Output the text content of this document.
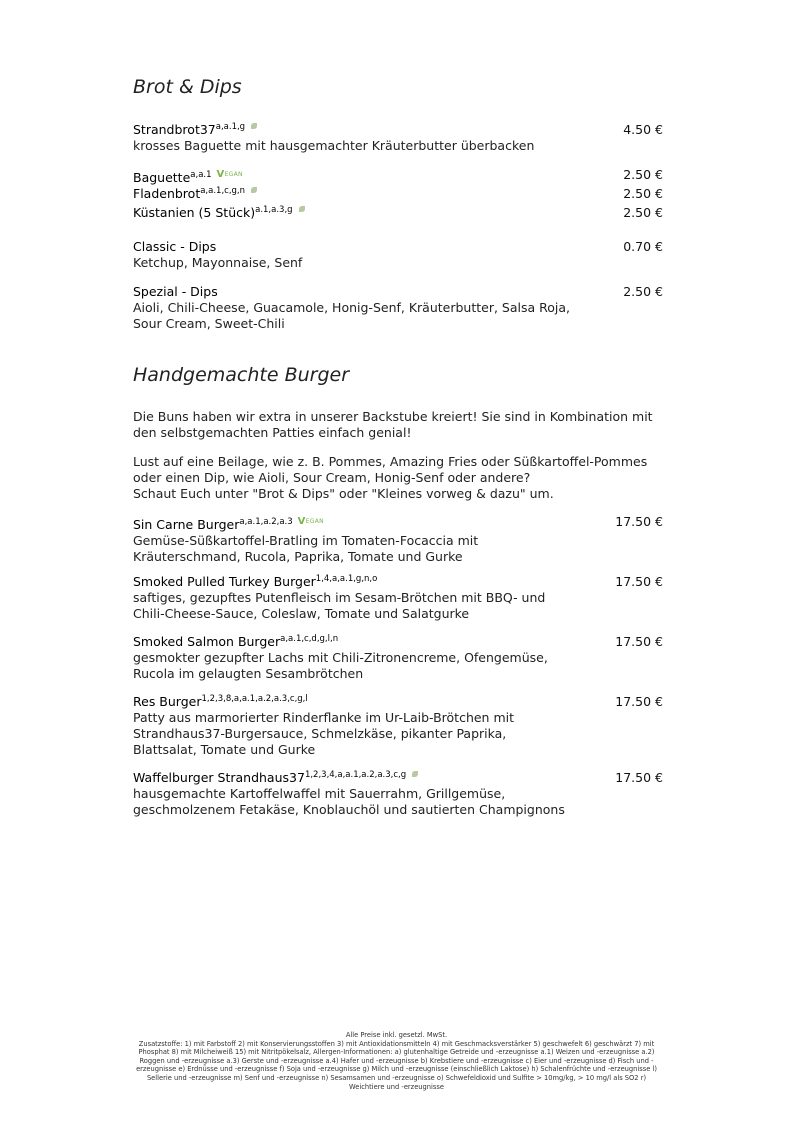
Brot & Dips
$Strandbrot37^{a,a.1,g}$	4.50 €
krosses Baguette mit hausgemachter Kräuterbutter überbacken
Baguette$^{a,a.1}$ VEGAN	2.50 €
Fladenbrot$^{a,a.1,c,g,n}$	2.50 €
Küstanien (5 Stück)$^{a.1,a.3,g}$	2.50 €
Classic - Dips	0.70 €
Ketchup, Mayonnaise, Senf
Spezial - Dips	2.50 €
Aioli, Chili-Cheese, Guacamole, Honig-Senf, Kräuterbutter, Salsa Roja, Sour Cream, Sweet-Chili
Handgemachte Burger
Die Buns haben wir extra in unserer Backstube kreiert! Sie sind in Kombination mit den selbstgemachten Patties einfach genial!
Lust auf eine Beilage, wie z. B. Pommes, Amazing Fries oder Süßkartoffel-Pommes oder einen Dip, wie Aioli, Sour Cream, Honig-Senf oder andere?
Schaut Euch unter "Brot & Dips" oder "Kleines vorweg & dazu" um.
Sin Carne Burger$^{a,a.1,a.2,a.3}$ VEGAN	17.50 €
Gemüse-Süßkartoffel-Bratling im Tomaten-Focaccia mit Kräuterschmand, Rucola, Paprika, Tomate und Gurke
Smoked Pulled Turkey Burger$^{1,4,a,a.1,g,n,o}$	17.50 €
saftiges, gezupftes Putenfleisch im Sesam-Brötchen mit BBQ- und Chili-Cheese-Sauce, Coleslaw, Tomate und Salatgurke
Smoked Salmon Burger$^{a,a.1,c,d,g,l,n}$	17.50 €
gesmokter gezupfter Lachs mit Chili-Zitronencreme, Ofengemüse, Rucola im gelaugten Sesambrötchen
Res Burger$^{1,2,3,8,a,a.1,a.2,a.3,c,g,l}$	17.50 €
Patty aus marmorierter Rinderflanke im Ur-Laib-Brötchen mit Strandhaus37-Burgersauce, Schmelzkäse, pikanter Paprika, Blattsalat, Tomate und Gurke
Waffelburger $Strandhaus37^{1,2,3,4,a,a.1,a.2,a.3,c,g}$	17.50 €
hausgemachte Kartoffelwaffel mit Sauerrahm, Grillgemüse, geschmolzenem Fetakäse, Knoblauchöl und sautierten Champignons
Alle Preise inkl. gesetzl. MwSt.
Zusatzstoffe: 1) mit Farbstoff 2) mit Konservierungsstoffen 3) mit Antioxidationsmitteln 4) mit Geschmacksverstärker 5) geschwefelt 6) geschwärzt 7) mit Phosphat 8) mit Milcheiweiß 15) mit Nitritpökelsalz, Allergen-Informationen: a) glutenhaltige Getreide und -erzeugnisse a.1) Weizen und -erzeugnisse a.2) Roggen und -erzeugnisse a.3) Gerste und -erzeugnisse a.4) Hafer und -erzeugnisse b) Krebstiere und -erzeugnisse c) Eier und -erzeugnisse d) Fisch und -erzeugnisse e) Erdnüsse und -erzeugnisse f) Soja und -erzeugnisse g) Milch und -erzeugnisse (einschließlich Laktose) h) Schalenfrüchte und -erzeugnisse l) Sellerie und -erzeugnisse m) Senf und -erzeugnisse n) Sesamsamen und -erzeugnisse o) Schwefeldioxid und Sulfite > 10mg/kg, > 10 mg/l als SO2 r) Weichtiere und -erzeugnisse
